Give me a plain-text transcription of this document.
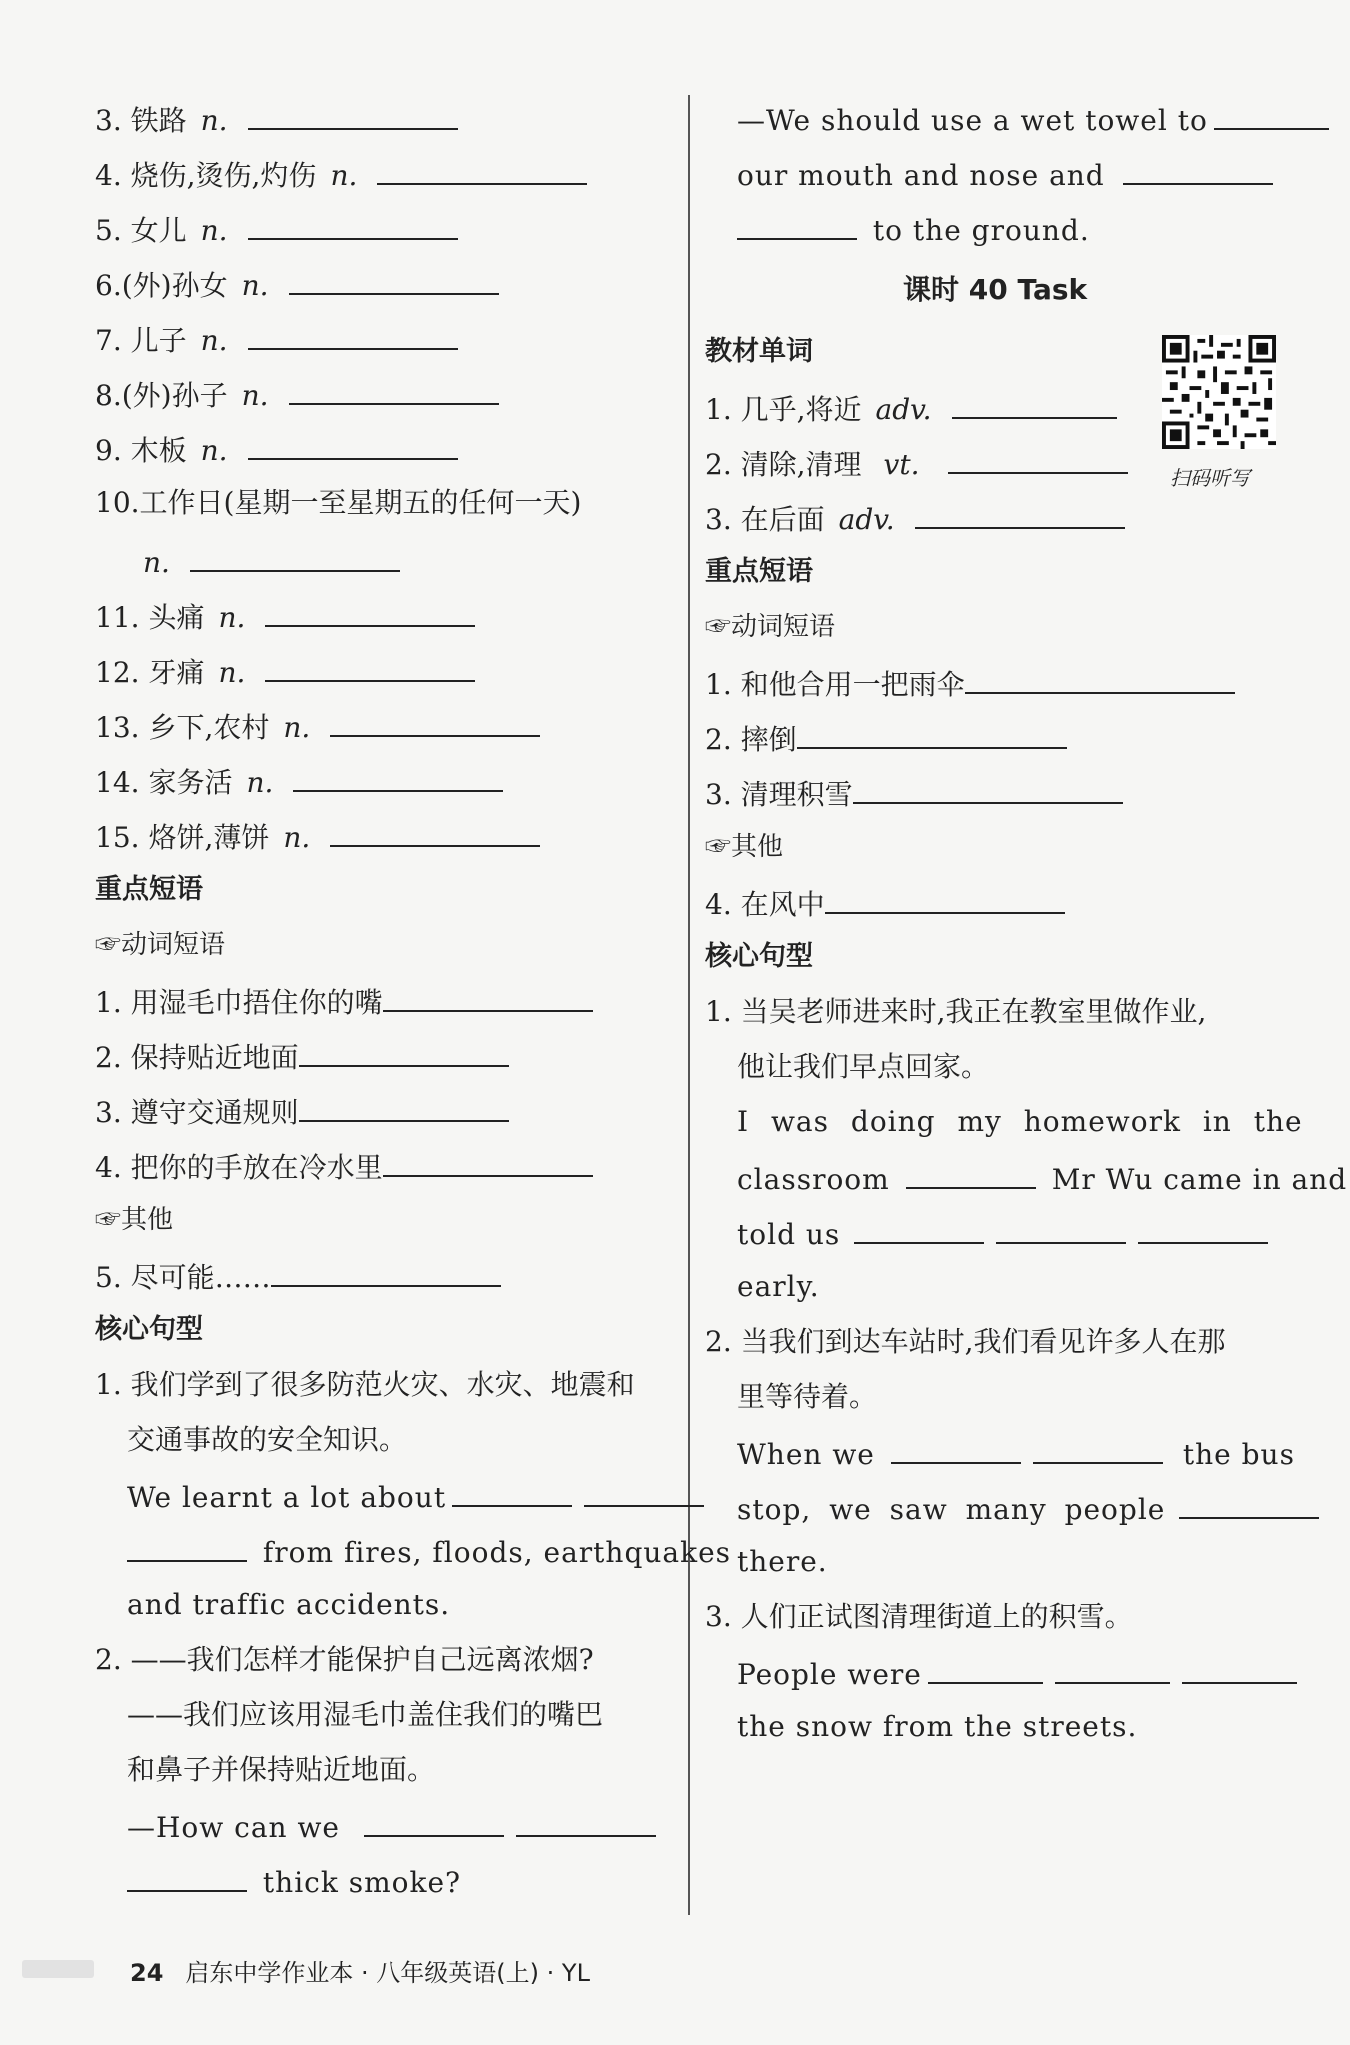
3. 铁路 n.
4. 烧伤,烫伤,灼伤 n.
5. 女儿 n.
6.(外)孙女 n.
7. 儿子 n.
8.(外)孙子 n.
9. 木板 n.
10.工作日(星期一至星期五的任何一天)
n.
11. 头痛 n.
12. 牙痛 n.
13. 乡下,农村 n.
14. 家务活 n.
15. 烙饼,薄饼 n.
重点短语
☞动词短语
1. 用湿毛巾捂住你的嘴
2. 保持贴近地面
3. 遵守交通规则
4. 把你的手放在冷水里
☞其他
5. 尽可能……
核心句型
1. 我们学到了很多防范火灾、水灾、地震和
交通事故的安全知识。
We learnt a lot about
from fires, floods, earthquakes
and traffic accidents.
2. ——我们怎样才能保护自己远离浓烟?
——我们应该用湿毛巾盖住我们的嘴巴
和鼻子并保持贴近地面。
—How can we
thick smoke?
—We should use a wet towel to
our mouth and nose and
to the ground.
课时 40 Task
教材单词
1. 几乎,将近 adv.
2. 清除,清理 vt.
3. 在后面 adv.
重点短语
☞动词短语
1. 和他合用一把雨伞
2. 摔倒
3. 清理积雪
☞其他
4. 在风中
核心句型
1. 当吴老师进来时,我正在教室里做作业,
他让我们早点回家。
I was doing my homework in the
classroom	Mr Wu came in and
told us
early.
2. 当我们到达车站时,我们看见许多人在那
里等待着。
When we	the bus
stop, we saw many people
there.
3. 人们正试图清理街道上的积雪。
People were
the snow from the streets.
扫码听写
24 启东中学作业本 · 八年级英语(上) · YL
